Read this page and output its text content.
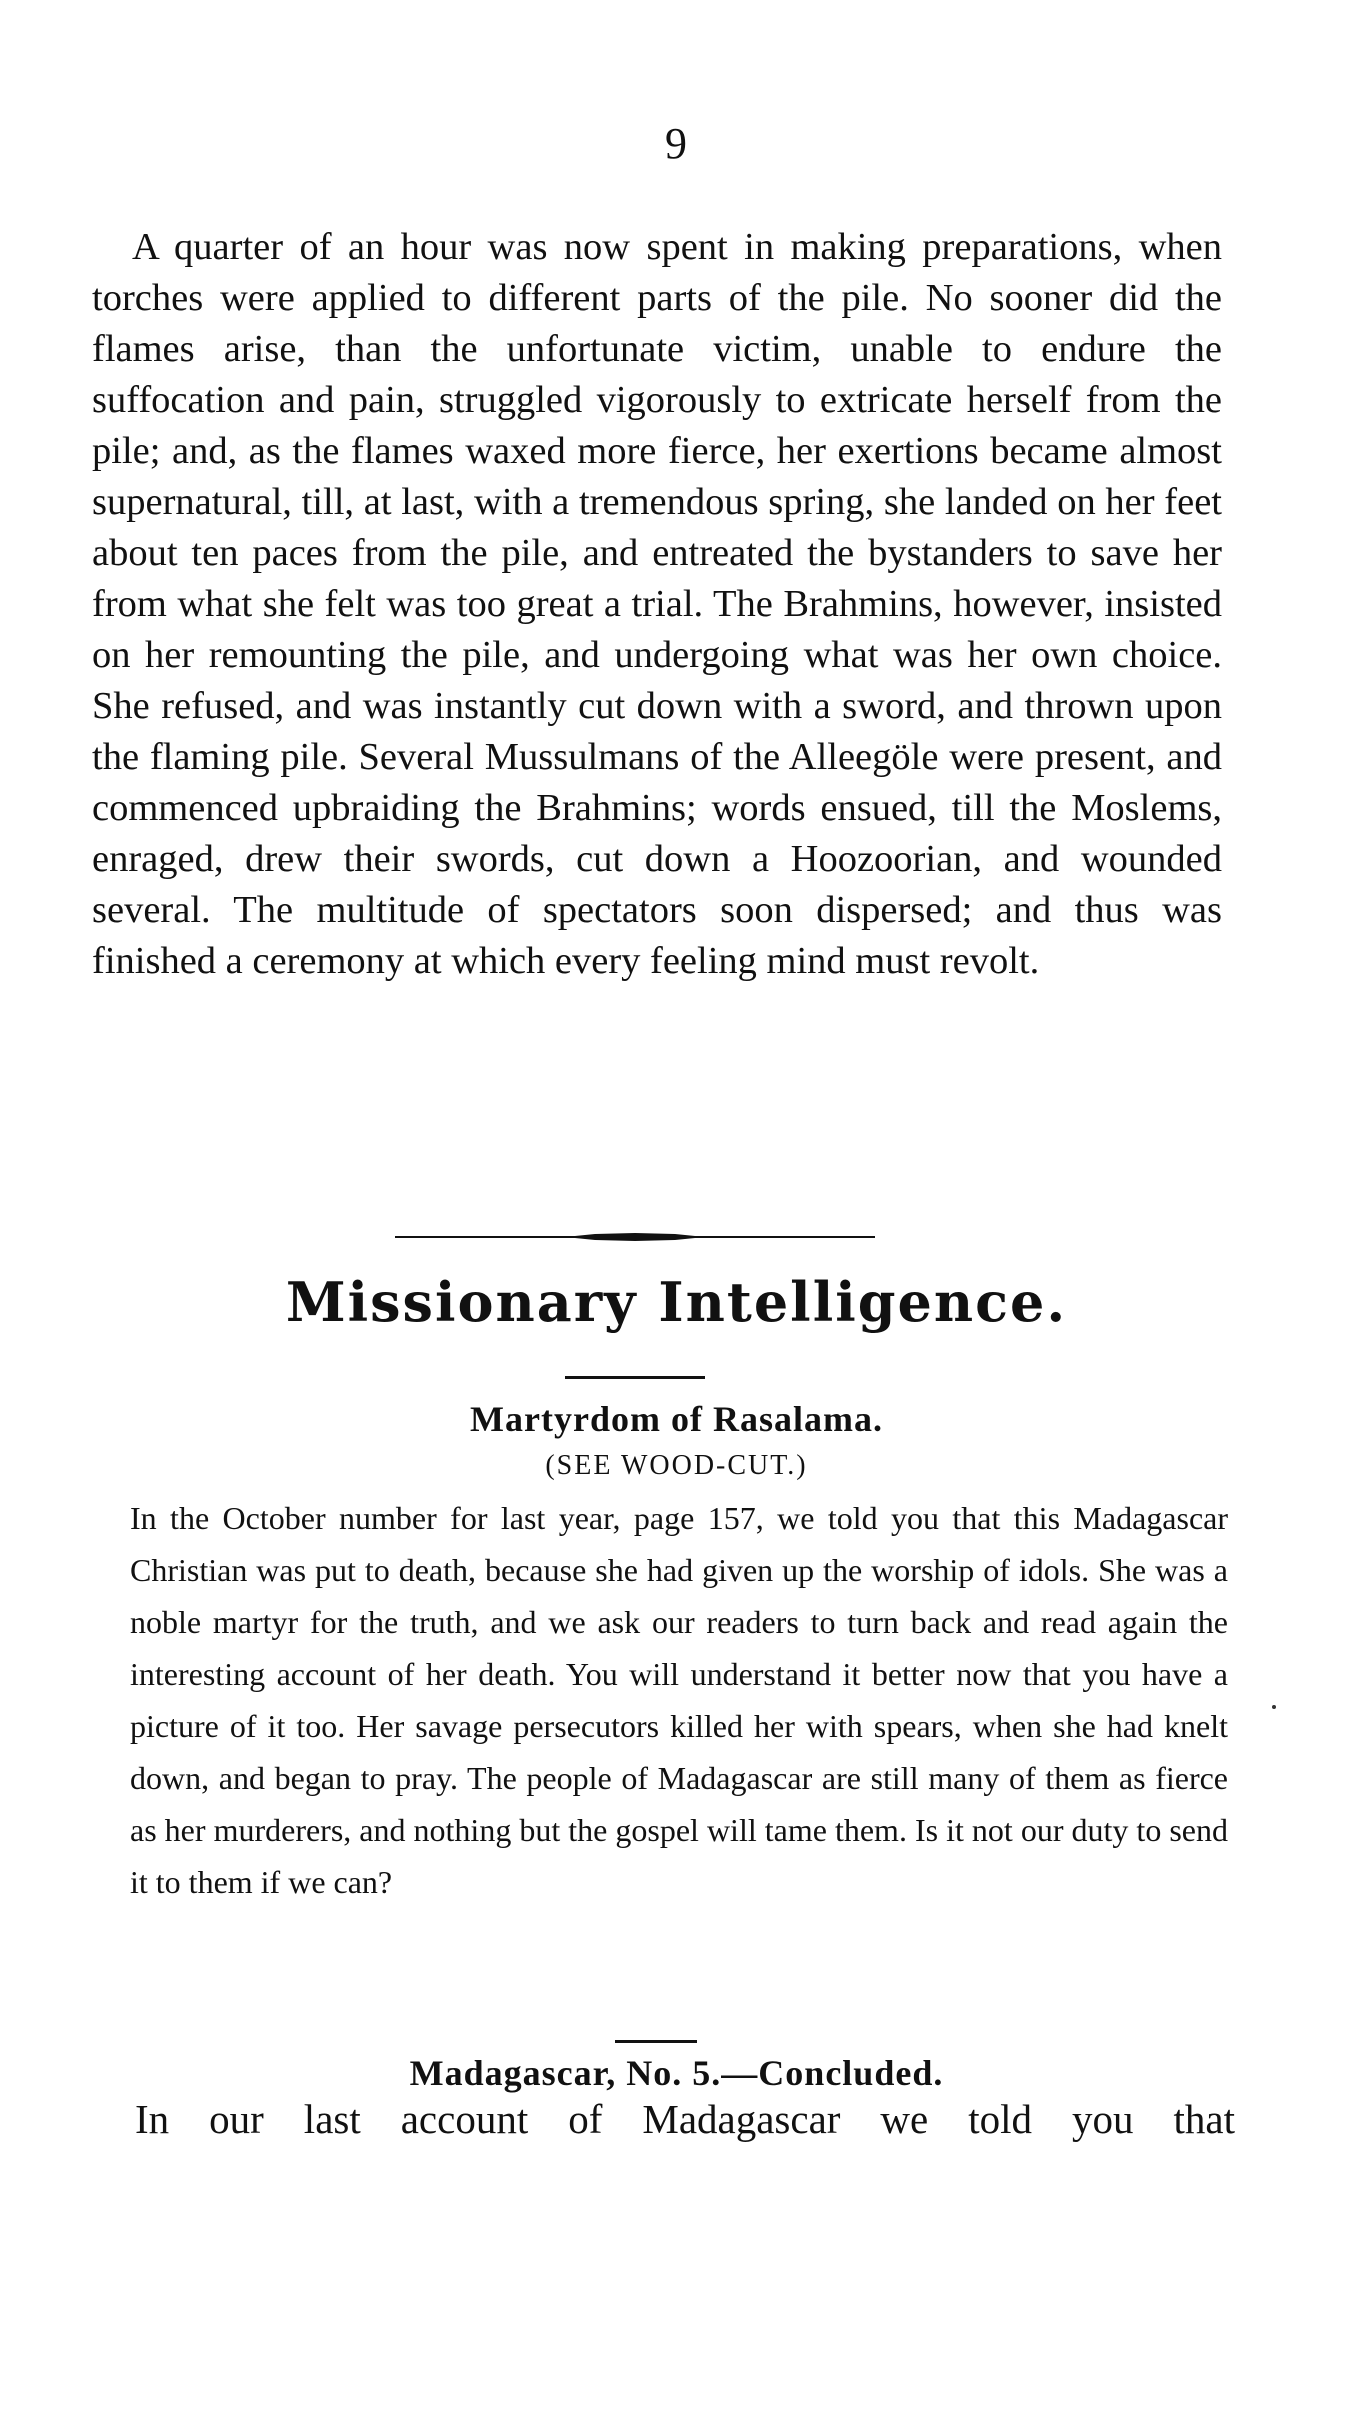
9

A quarter of an hour was now spent in making preparations, when torches were applied to different parts of the pile. No sooner did the flames arise, than the unfortunate victim, unable to endure the suffocation and pain, struggled vigorously to extricate herself from the pile; and, as the flames waxed more fierce, her exertions became almost supernatural, till, at last, with a tremendous spring, she landed on her feet about ten paces from the pile, and entreated the bystanders to save her from what she felt was too great a trial. The Brahmins, however, insisted on her remounting the pile, and undergoing what was her own choice. She refused, and was instantly cut down with a sword, and thrown upon the flaming pile. Several Mussulmans of the Alleegöle were present, and commenced upbraiding the Brahmins; words ensued, till the Moslems, enraged, drew their swords, cut down a Hoozoorian, and wounded several. The multitude of spectators soon dispersed; and thus was finished a ceremony at which every feeling mind must revolt.

Missionary Intelligence.
Martyrdom of Rasalama.
(SEE WOOD-CUT.)

In the October number for last year, page 157, we told you that this Madagascar Christian was put to death, because she had given up the worship of idols. She was a noble martyr for the truth, and we ask our readers to turn back and read again the interesting account of her death. You will understand it better now that you have a picture of it too. Her savage persecutors killed her with spears, when she had knelt down, and began to pray. The people of Madagascar are still many of them as fierce as her murderers, and nothing but the gospel will tame them. Is it not our duty to send it to them if we can?

Madagascar, No. 5.—Concluded.

In our last account of Madagascar we told you that
